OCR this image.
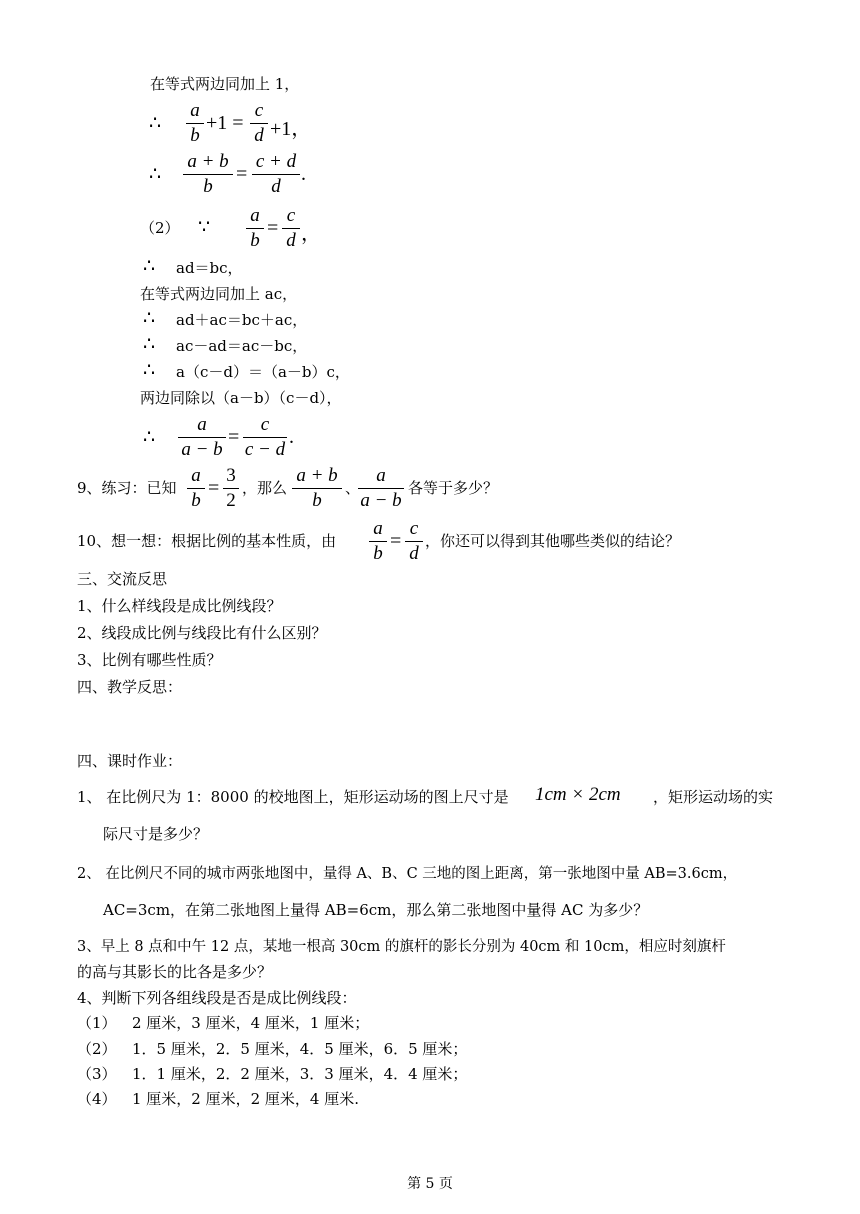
在等式两边同加上 1，
∴
a
b
+1 =
c
d +1，
∴
a + b
b
=
c + d
d
.
（2） ∵
a
b
=
c
d ，
∴ ad＝bc，
在等式两边同加上 ac，
∴ ad＋ac＝bc＋ac，
∴ ac－ad＝ac－bc，
∴ a（c－d）＝（a－b）c，
两边同除以（a－b）（c－d），
∴
a
a − b
=
c
c − d
.
9、练习：已知
a
b
=
3
2
，那么
a + b
b
、
a
a − b
各等于多少？
10、想一想：根据比例的基本性质，由
a
b
=
c
d
，你还可以得到其他哪些类似的结论？
三、交流反思
1、什么样线段是成比例线段？
2、线段成比例与线段比有什么区别？
3、比例有哪些性质？
四、教学反思：
四、课时作业：
1、 在比例尺为 1：8000 的校地图上，矩形运动场的图上尺寸是 1cm × 2cm ，矩形运动场的实
际尺寸是多少？
2、 在比例尺不同的城市两张地图中，量得 A、B、C 三地的图上距离，第一张地图中量 AB=3.6cm，
AC=3cm，在第二张地图上量得 AB=6cm，那么第二张地图中量得 AC 为多少？
3、早上 8 点和中午 12 点，某地一根高 30cm 的旗杆的影长分别为 40cm 和 10cm，相应时刻旗杆
的高与其影长的比各是多少？
4、判断下列各组线段是否是成比例线段：
（1） 2 厘米，3 厘米，4 厘米，1 厘米；
（2） 1．5 厘米，2．5 厘米，4．5 厘米，6．5 厘米；
（3） 1．1 厘米，2．2 厘米，3．3 厘米，4．4 厘米；
（4） 1 厘米，2 厘米，2 厘米，4 厘米.
第 5 页
